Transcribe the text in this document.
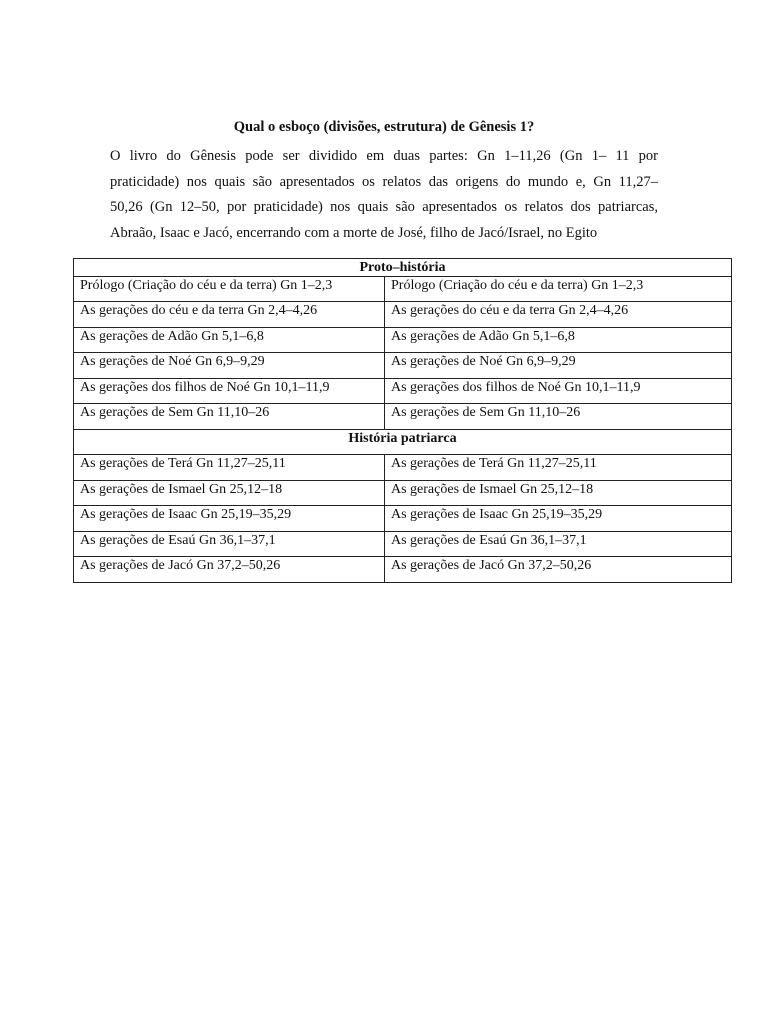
Qual o esboço (divisões, estrutura) de Gênesis 1?
O livro do Gênesis pode ser dividido em duas partes: Gn 1–11,26 (Gn 1– 11 por
praticidade) nos quais são apresentados os relatos das origens do mundo e, Gn 11,27–
50,26 (Gn 12–50, por praticidade) nos quais são apresentados os relatos dos patriarcas,
Abraão, Isaac e Jacó, encerrando com a morte de José, filho de Jacó/Israel, no Egito
Proto–história	
Prólogo (Criação do céu e da terra) Gn 1–2,3	Prólogo (Criação do céu e da terra) Gn 1–2,3
As gerações do céu e da terra Gn 2,4–4,26	As gerações do céu e da terra Gn 2,4–4,26
As gerações de Adão Gn 5,1–6,8	As gerações de Adão Gn 5,1–6,8
As gerações de Noé Gn 6,9–9,29	As gerações de Noé Gn 6,9–9,29
As gerações dos filhos de Noé Gn 10,1–11,9	As gerações dos filhos de Noé Gn 10,1–11,9
As gerações de Sem Gn 11,10–26	As gerações de Sem Gn 11,10–26
História patriarca	
As gerações de Terá Gn 11,27–25,11	As gerações de Terá Gn 11,27–25,11
As gerações de Ismael Gn 25,12–18	As gerações de Ismael Gn 25,12–18
As gerações de Isaac Gn 25,19–35,29	As gerações de Isaac Gn 25,19–35,29
As gerações de Esaú Gn 36,1–37,1	As gerações de Esaú Gn 36,1–37,1
As gerações de Jacó Gn 37,2–50,26	As gerações de Jacó Gn 37,2–50,26
